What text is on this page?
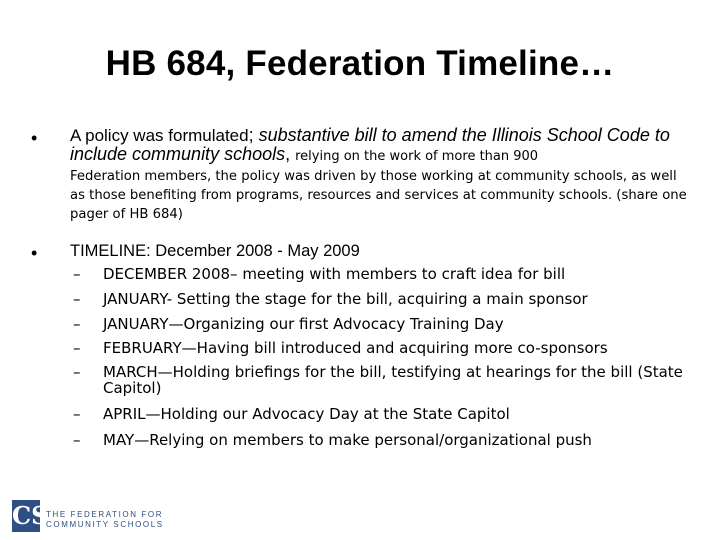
HB 684, Federation Timeline…
• A policy was formulated; substantive bill to amend the Illinois School Code to include community schools, relying on the work of more than 900
Federation members, the policy was driven by those working at community schools, as well as those benefiting from programs, resources and services at community schools. (share one pager of HB 684)
• TIMELINE: December 2008 - May 2009
–	DECEMBER 2008– meeting with members to craft idea for bill
–	JANUARY- Setting the stage for the bill, acquiring a main sponsor
–	JANUARY—Organizing our first Advocacy Training Day
–	FEBRUARY—Having bill introduced and acquiring more co-sponsors
–	MARCH—Holding briefings for the bill, testifying at hearings for the bill (State Capitol)
–	APRIL—Holding our Advocacy Day at the State Capitol
–	MAY—Relying on members to make personal/organizational push
CS
THE FEDERATION FOR
COMMUNITY SCHOOLS
